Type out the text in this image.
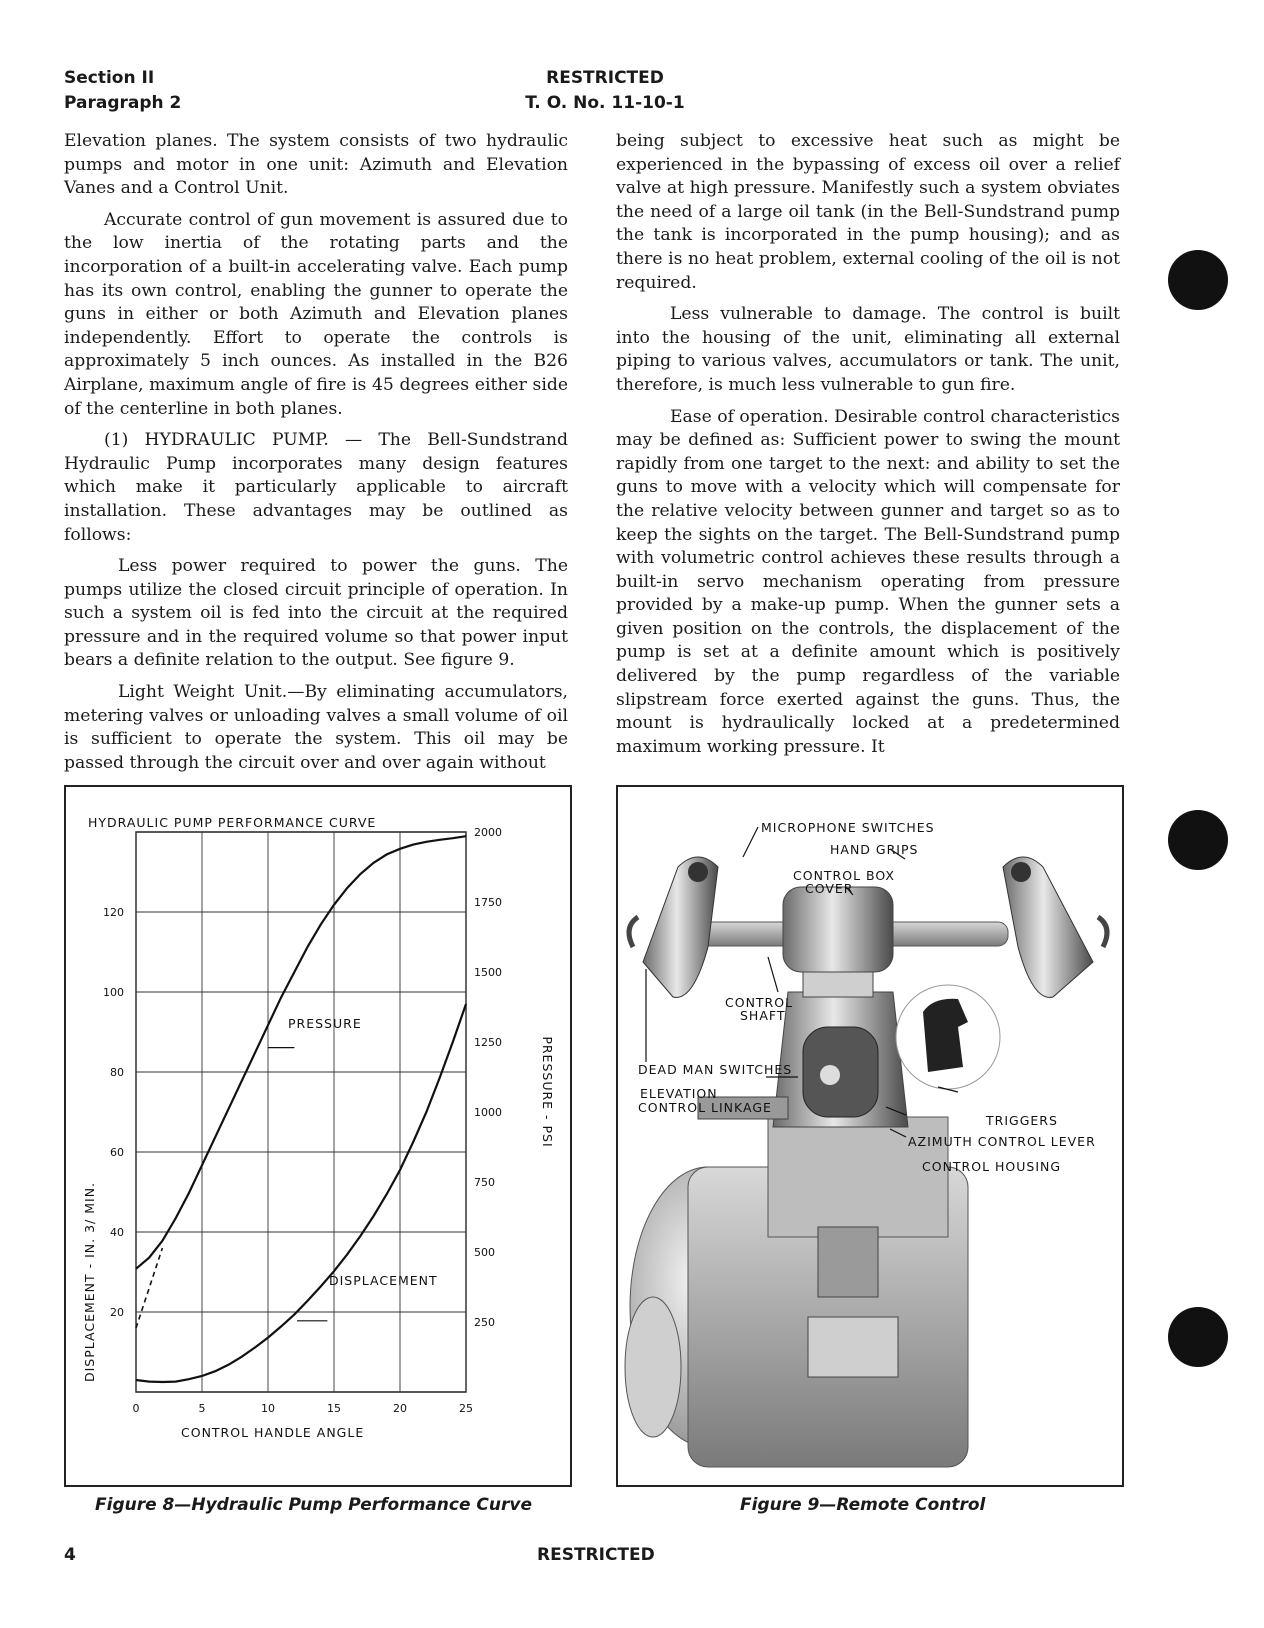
Section II
Paragraph 2
RESTRICTED
T. O. No. 11-10-1

Elevation planes. The system consists of two hydraulic pumps and motor in one unit: Azimuth and Elevation Vanes and a Control Unit.

Accurate control of gun movement is assured due to the low inertia of the rotating parts and the incorporation of a built-in accelerating valve. Each pump has its own control, enabling the gunner to operate the guns in either or both Azimuth and Elevation planes independently. Effort to operate the controls is approximately 5 inch ounces. As installed in the B26 Airplane, maximum angle of fire is 45 degrees either side of the centerline in both planes.

(1) HYDRAULIC PUMP. — The Bell-Sundstrand Hydraulic Pump incorporates many design features which make it particularly applicable to aircraft installation. These advantages may be outlined as follows:

Less power required to power the guns. The pumps utilize the closed circuit principle of operation. In such a system oil is fed into the circuit at the required pressure and in the required volume so that power input bears a definite relation to the output. See figure 9.

Light Weight Unit.—By eliminating accumulators, metering valves or unloading valves a small volume of oil is sufficient to operate the system. This oil may be passed through the circuit over and over again without

being subject to excessive heat such as might be experienced in the bypassing of excess oil over a relief valve at high pressure. Manifestly such a system obviates the need of a large oil tank (in the Bell-Sundstrand pump the tank is incorporated in the pump housing); and as there is no heat problem, external cooling of the oil is not required.

Less vulnerable to damage. The control is built into the housing of the unit, eliminating all external piping to various valves, accumulators or tank. The unit, therefore, is much less vulnerable to gun fire.

Ease of operation. Desirable control characteristics may be defined as: Sufficient power to swing the mount rapidly from one target to the next: and ability to set the guns to move with a velocity which will compensate for the relative velocity between gunner and target so as to keep the sights on the target. The Bell-Sundstrand pump with volumetric control achieves these results through a built-in servo mechanism operating from pressure provided by a make-up pump. When the gunner sets a given position on the controls, the displacement of the pump is set at a definite amount which is positively delivered by the pump regardless of the variable slipstream force exerted against the guns. Thus, the mount is hydraulically locked at a predetermined maximum working pressure. It

HYDRAULIC PUMP PERFORMANCE CURVE
CONTROL HANDLE ANGLE
DISPLACEMENT - IN. 3/ MIN.
PRESSURE - PSI
0	5	10	15	20	25
20
40
60
80
100
120
250
500
750
1000
1250
1500
1750
2000
PRESSURE
DISPLACEMENT
Figure 8—Hydraulic Pump Performance Curve
MICROPHONE SWITCHES
HAND GRIPS
CONTROL BOX
COVER
CONTROL
SHAFT
DEAD MAN SWITCHES
ELEVATION
CONTROL LINKAGE
TRIGGERS
AZIMUTH CONTROL LEVER
CONTROL HOUSING
Figure 9—Remote Control
4	RESTRICTED
